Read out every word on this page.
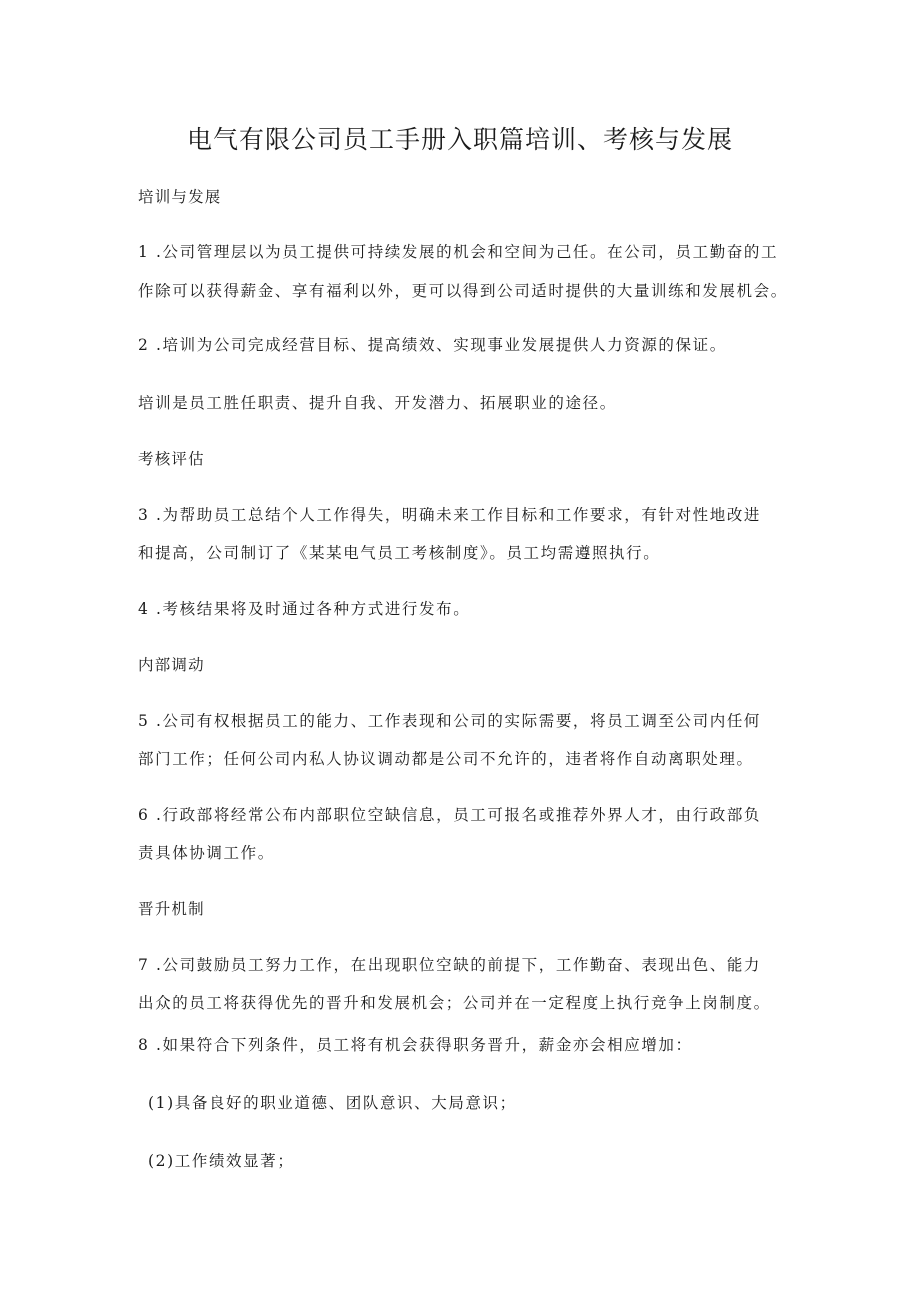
电气有限公司员工手册入职篇培训、考核与发展
培训与发展
1 .公司管理层以为员工提供可持续发展的机会和空间为己任。在公司，员工勤奋的工
作除可以获得薪金、享有福利以外，更可以得到公司适时提供的大量训练和发展机会。
2 .培训为公司完成经营目标、提高绩效、实现事业发展提供人力资源的保证。
培训是员工胜任职责、提升自我、开发潜力、拓展职业的途径。
考核评估
3 .为帮助员工总结个人工作得失，明确未来工作目标和工作要求，有针对性地改进
和提高，公司制订了《某某电气员工考核制度》。员工均需遵照执行。
4 .考核结果将及时通过各种方式进行发布。
内部调动
5 .公司有权根据员工的能力、工作表现和公司的实际需要，将员工调至公司内任何
部门工作；任何公司内私人协议调动都是公司不允许的，违者将作自动离职处理。
6 .行政部将经常公布内部职位空缺信息，员工可报名或推荐外界人才，由行政部负
责具体协调工作。
晋升机制
7 .公司鼓励员工努力工作，在出现职位空缺的前提下，工作勤奋、表现出色、能力
出众的员工将获得优先的晋升和发展机会；公司并在一定程度上执行竞争上岗制度。
8 .如果符合下列条件，员工将有机会获得职务晋升，薪金亦会相应增加：
(1)具备良好的职业道德、团队意识、大局意识；
(2)工作绩效显著；
